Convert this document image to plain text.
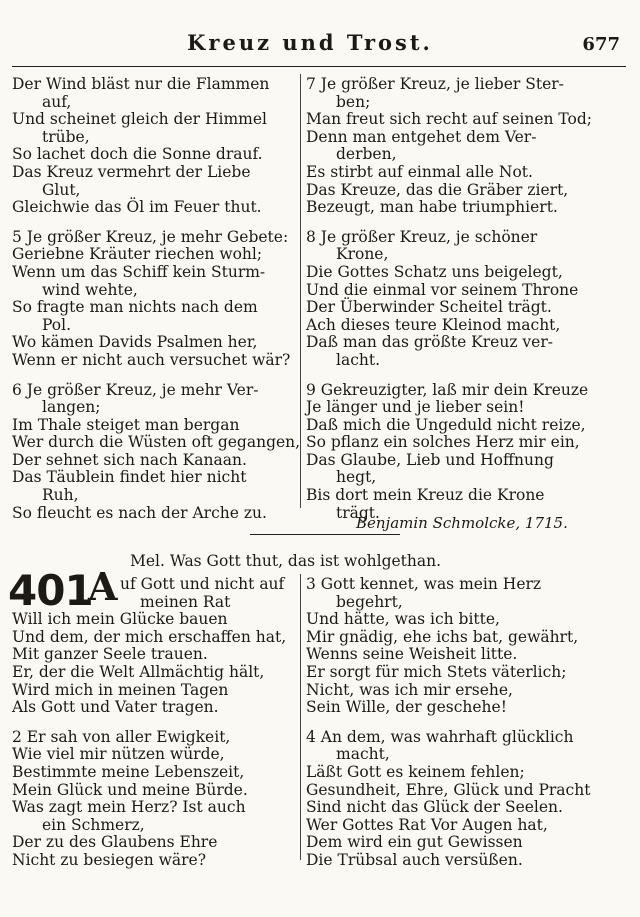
Kreuz und Trost.	677
Der Wind bläst nur die Flammen
auf,
Und scheinet gleich der Himmel
trübe,
So lachet doch die Sonne drauf.
Das Kreuz vermehrt der Liebe
Glut,
Gleichwie das Öl im Feuer thut.
5 Je größer Kreuz, je mehr Gebete:
Geriebne Kräuter riechen wohl;
Wenn um das Schiff kein Sturm-
wind wehte,
So fragte man nichts nach dem
Pol.
Wo kämen Davids Psalmen her,
Wenn er nicht auch versuchet wär?
6 Je größer Kreuz, je mehr Ver-
langen;
Im Thale steiget man bergan
Wer durch die Wüsten oft gegangen,
Der sehnet sich nach Kanaan.
Das Täublein findet hier nicht
Ruh,
So fleucht es nach der Arche zu.
7 Je größer Kreuz, je lieber Ster-
ben;
Man freut sich recht auf seinen Tod;
Denn man entgehet dem Ver-
derben,
Es stirbt auf einmal alle Not.
Das Kreuze, das die Gräber ziert,
Bezeugt, man habe triumphiert.
8 Je größer Kreuz, je schöner
Krone,
Die Gottes Schatz uns beigelegt,
Und die einmal vor seinem Throne
Der Überwinder Scheitel trägt.
Ach dieses teure Kleinod macht,
Daß man das größte Kreuz ver-
lacht.
9 Gekreuzigter, laß mir dein Kreuze
Je länger und je lieber sein!
Daß mich die Ungeduld nicht reize,
So pflanz ein solches Herz mir ein,
Das Glaube, Lieb und Hoffnung
hegt,
Bis dort mein Kreuz die Krone
trägt.
Benjamin Schmolcke, 1715.
Mel. Was Gott thut, das ist wohlgethan.
401
A uf Gott und nicht auf
meinen Rat
Will ich mein Glücke bauen
Und dem, der mich erschaffen hat,
Mit ganzer Seele trauen.
Er, der die Welt Allmächtig hält,
Wird mich in meinen Tagen
Als Gott und Vater tragen.
2 Er sah von aller Ewigkeit,
Wie viel mir nützen würde,
Bestimmte meine Lebenszeit,
Mein Glück und meine Bürde.
Was zagt mein Herz? Ist auch
ein Schmerz,
Der zu des Glaubens Ehre
Nicht zu besiegen wäre?
3 Gott kennet, was mein Herz
begehrt,
Und hätte, was ich bitte,
Mir gnädig, ehe ichs bat, gewährt,
Wenns seine Weisheit litte.
Er sorgt für mich Stets väterlich;
Nicht, was ich mir ersehe,
Sein Wille, der geschehe!
4 An dem, was wahrhaft glücklich
macht,
Läßt Gott es keinem fehlen;
Gesundheit, Ehre, Glück und Pracht
Sind nicht das Glück der Seelen.
Wer Gottes Rat Vor Augen hat,
Dem wird ein gut Gewissen
Die Trübsal auch versüßen.
